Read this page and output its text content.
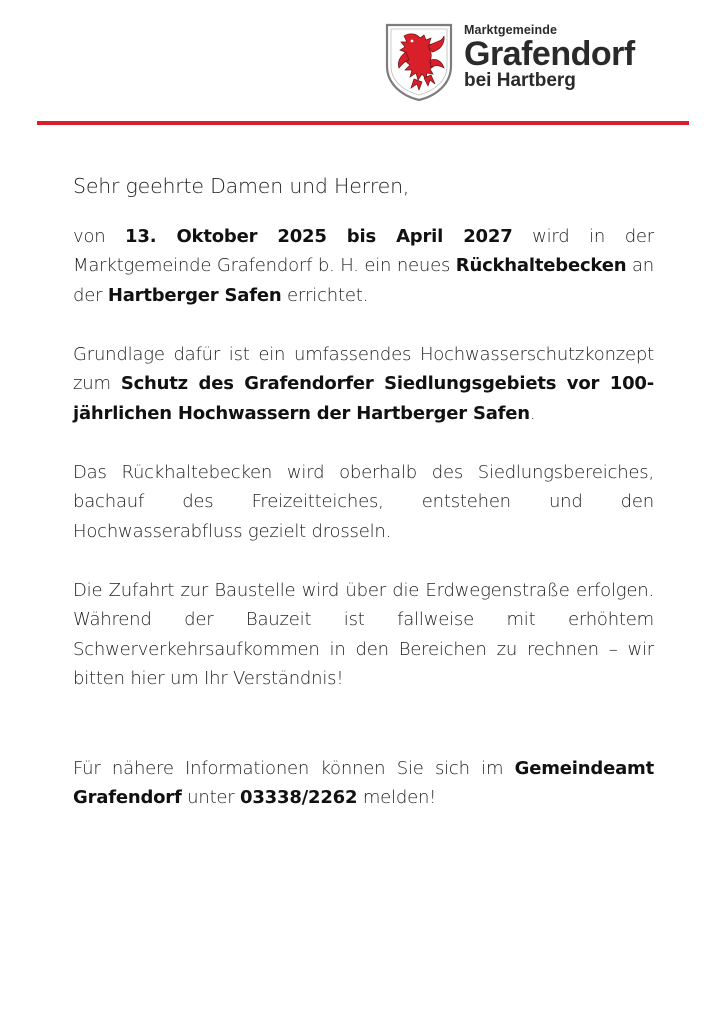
Marktgemeinde
Grafendorf
bei Hartberg

Sehr geehrte Damen und Herren,

von 13. Oktober 2025 bis April 2027 wird in der Marktgemeinde Grafendorf b. H. ein neues Rückhaltebecken an der Hartberger Safen errichtet.

Grundlage dafür ist ein umfassendes Hochwasserschutzkonzept zum Schutz des Grafendorfer Siedlungsgebiets vor 100-jährlichen Hochwassern der Hartberger Safen.

Das Rückhaltebecken wird oberhalb des Siedlungsbereiches, bachauf des Freizeitteiches, entstehen und den Hochwasserabfluss gezielt drosseln.

Die Zufahrt zur Baustelle wird über die Erdwegenstraße erfolgen. Während der Bauzeit ist fallweise mit erhöhtem Schwerverkehrsaufkommen in den Bereichen zu rechnen – wir bitten hier um Ihr Verständnis!

Für nähere Informationen können Sie sich im Gemeindeamt Grafendorf unter 03338/2262 melden!
